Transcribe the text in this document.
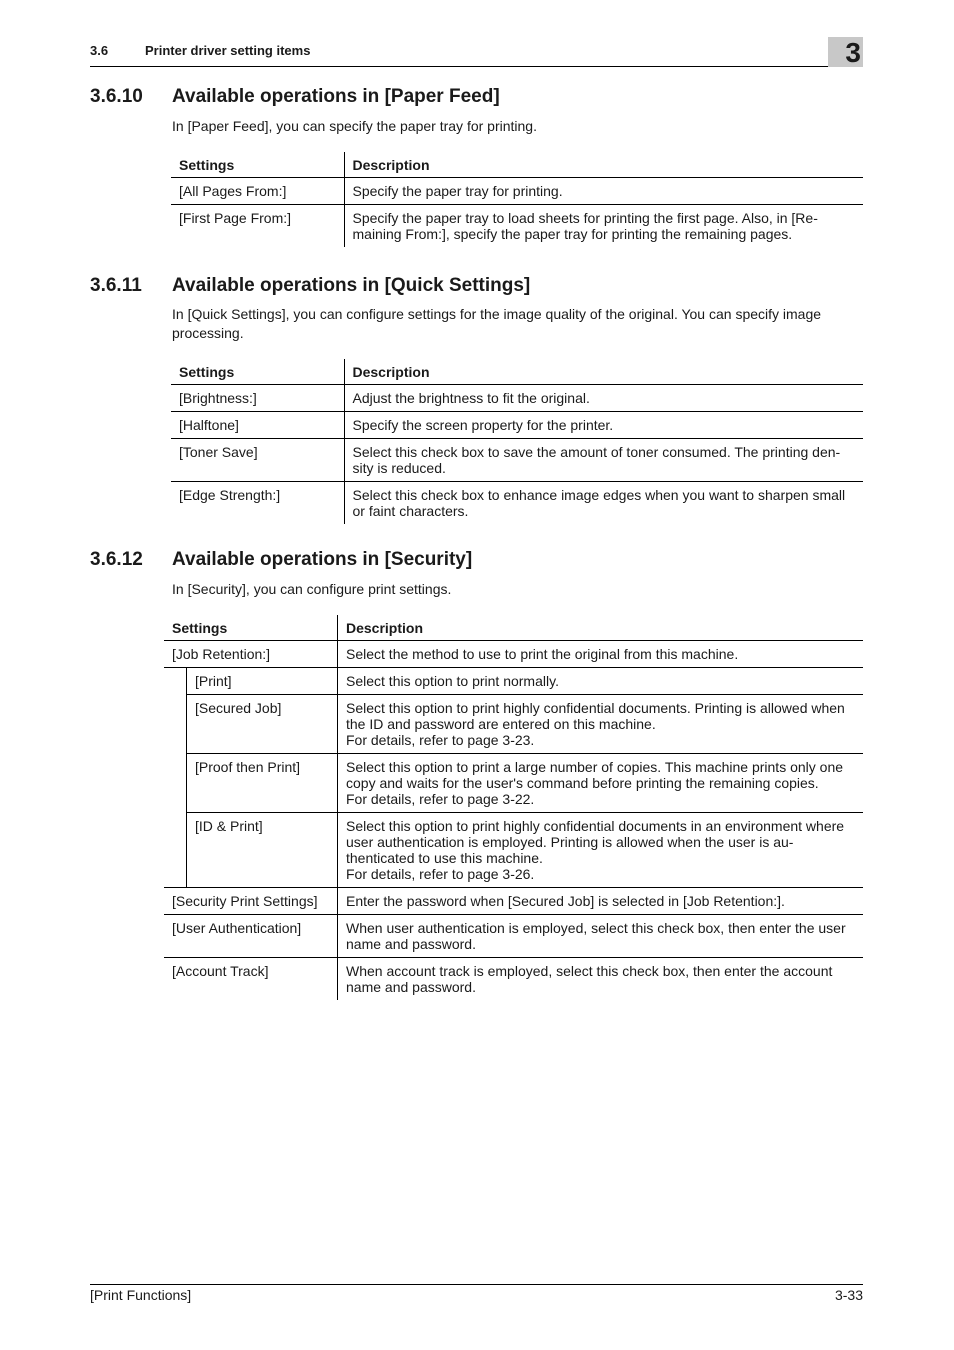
3.6	Printer driver setting items	3
3.6.10 Available operations in [Paper Feed]

In [Paper Feed], you can specify the paper tray for printing.

Settings	Description
[All Pages From:]	Specify the paper tray for printing.
[First Page From:]	Specify the paper tray to load sheets for printing the first page. Also, in [Re-maining From:], specify the paper tray for printing the remaining pages.
3.6.11 Available operations in [Quick Settings]

In [Quick Settings], you can configure settings for the image quality of the original. You can specify image processing.

Settings	Description
[Brightness:]	Adjust the brightness to fit the original.
[Halftone]	Specify the screen property for the printer.
[Toner Save]	Select this check box to save the amount of toner consumed. The printing den-sity is reduced.
[Edge Strength:]	Select this check box to enhance image edges when you want to sharpen small or faint characters.
3.6.12 Available operations in [Security]

In [Security], you can configure print settings.

Settings		Description
[Job Retention:]		Select the method to use to print the original from this machine.
	[Print]	Select this option to print normally.
	[Secured Job]	Select this option to print highly confidential documents. Printing is allowed when the ID and password are entered on this machine.
For details, refer to page 3-23.
	[Proof then Print]	Select this option to print a large number of copies. This machine prints only one copy and waits for the user's command before printing the remaining copies.
For details, refer to page 3-22.
	[ID & Print]	Select this option to print highly confidential documents in an environment where user authentication is employed. Printing is allowed when the user is au-thenticated to use this machine.
For details, refer to page 3-26.
[Security Print Settings]		Enter the password when [Secured Job] is selected in [Job Retention:].
[User Authentication]		When user authentication is employed, select this check box, then enter the user name and password.
[Account Track]		When account track is employed, select this check box, then enter the account name and password.
[Print Functions]	3-33
